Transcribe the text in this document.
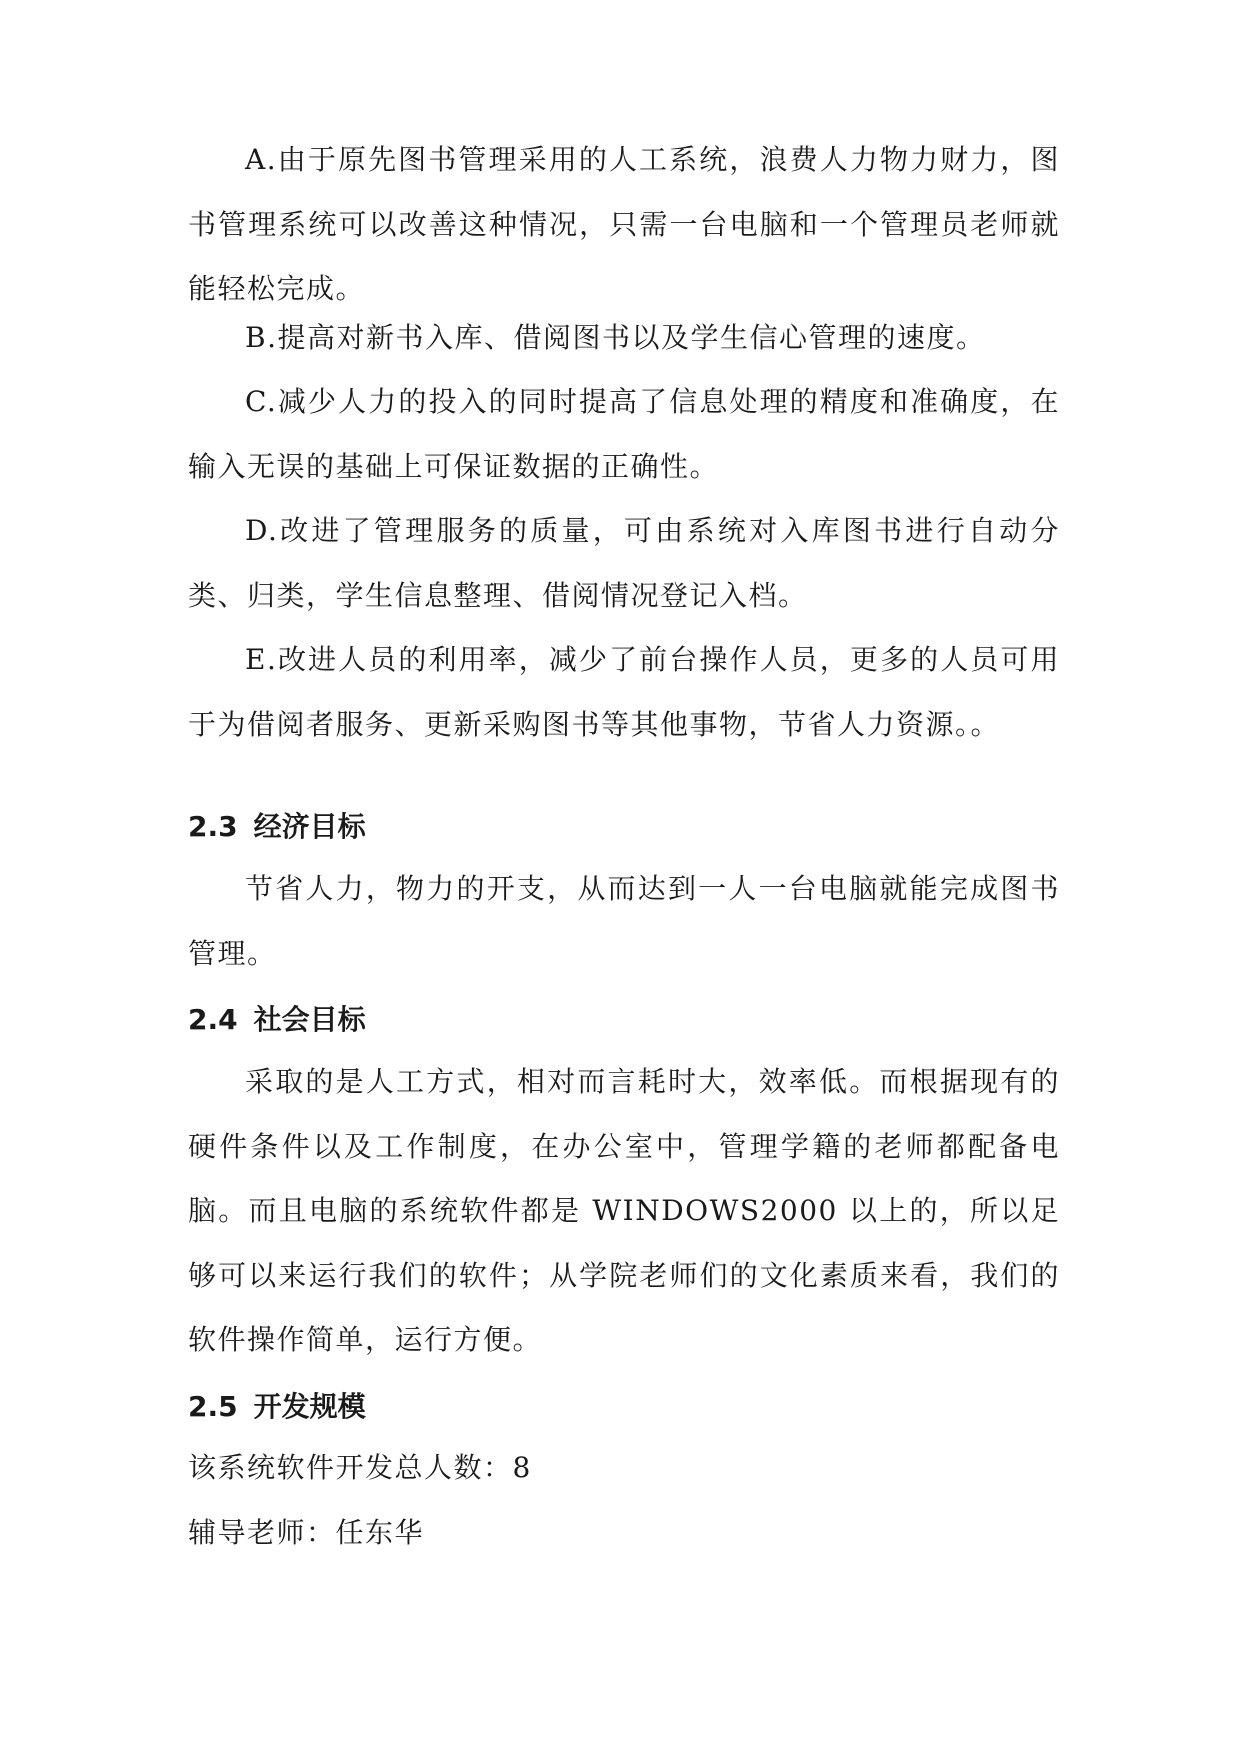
A.由于原先图书管理采用的人工系统，浪费人力物力财力，图书管理系统可以改善这种情况，只需一台电脑和一个管理员老师就能轻松完成。

B.提高对新书入库、借阅图书以及学生信心管理的速度。

C.减少人力的投入的同时提高了信息处理的精度和准确度，在输入无误的基础上可保证数据的正确性。

D.改进了管理服务的质量，可由系统对入库图书进行自动分类、归类，学生信息整理、借阅情况登记入档。

E.改进人员的利用率，减少了前台操作人员，更多的人员可用于为借阅者服务、更新采购图书等其他事物，节省人力资源。。

2.3 经济目标

节省人力，物力的开支，从而达到一人一台电脑就能完成图书管理。

2.4 社会目标

采取的是人工方式，相对而言耗时大，效率低。而根据现有的硬件条件以及工作制度，在办公室中，管理学籍的老师都配备电脑。而且电脑的系统软件都是 WINDOWS2000 以上的，所以足够可以来运行我们的软件；从学院老师们的文化素质来看，我们的软件操作简单，运行方便。

2.5 开发规模

该系统软件开发总人数：8

辅导老师：任东华
